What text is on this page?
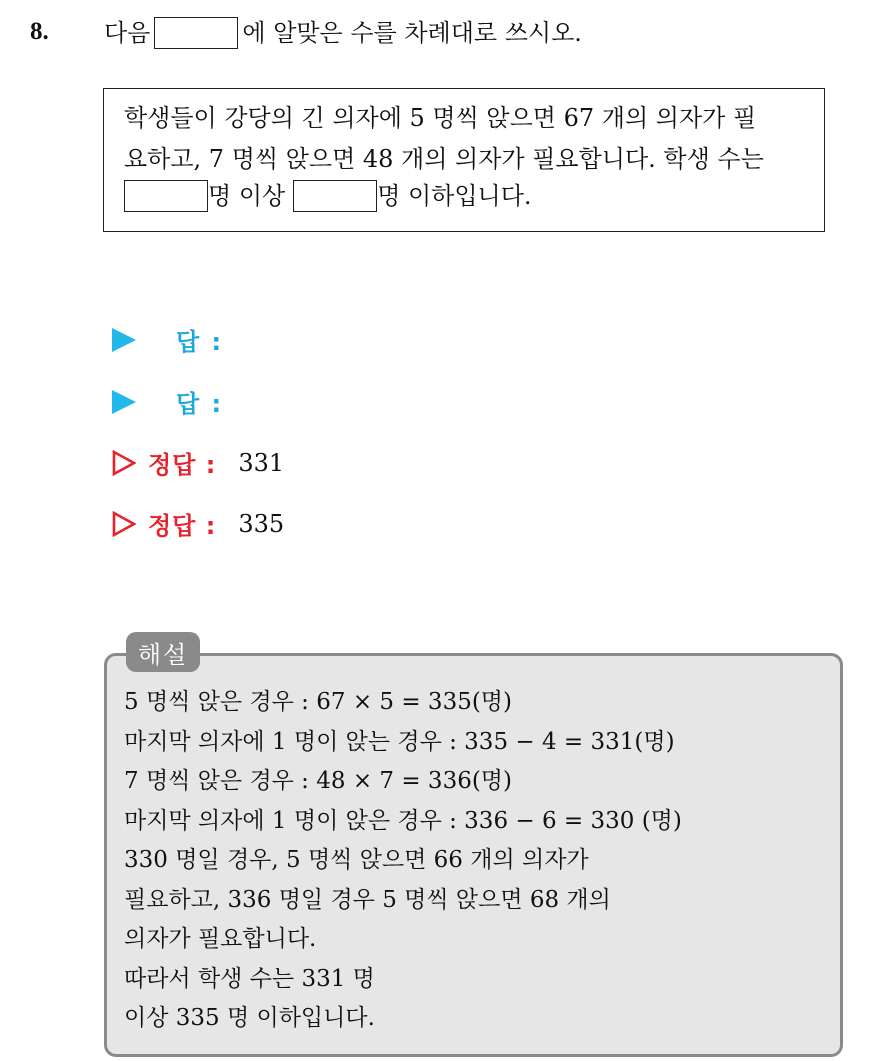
8. 다음	에 알맞은 수를 차례대로 쓰시오.
학생들이 강당의 긴 의자에 5 명씩 앉으면 67 개의 의자가 필
요하고, 7 명씩 앉으면 48 개의 의자가 필요합니다. 학생 수는
명 이상	명 이하입니다.
답 :
답 :
정답 : 331
정답 : 335
해설
5 명씩 앉은 경우 : 67 × 5 = 335(명)
마지막 의자에 1 명이 앉는 경우 : 335 − 4 = 331(명)
7 명씩 앉은 경우 : 48 × 7 = 336(명)
마지막 의자에 1 명이 앉은 경우 : 336 − 6 = 330 (명)
330 명일 경우, 5 명씩 앉으면 66 개의 의자가
필요하고, 336 명일 경우 5 명씩 앉으면 68 개의
의자가 필요합니다.
따라서 학생 수는 331 명
이상 335 명 이하입니다.
